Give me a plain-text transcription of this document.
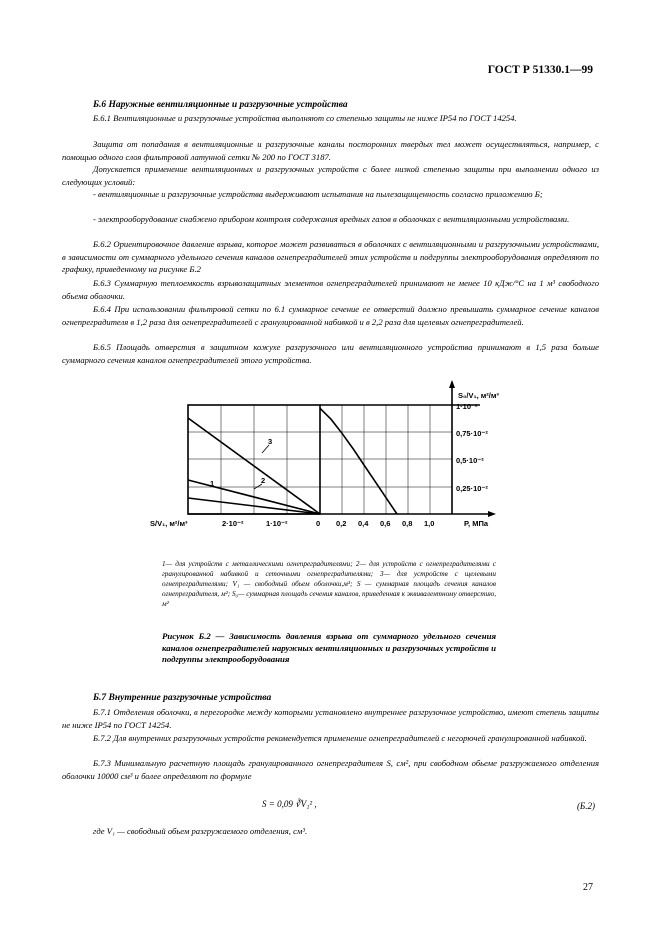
ГОСТ Р 51330.1—99
Б.6 Наружные вентиляционные и разгрузочные устройства
Б.6.1 Вентиляционные и разгрузочные устройства выполняют со степенью защиты не ниже IP54 по ГОСТ 14254.
Защита от попадания в вентиляционные и разгрузочные каналы посторонних твердых тел может осуществляться, например, с помощью одного слоя фильтровой латунной сетки № 200 по ГОСТ 3187.
Допускается применение вентиляционных и разгрузочных устройств с более низкой степенью защиты при выполнении одного из следующих условий:
- вентиляционные и разгрузочные устройства выдерживают испытания на пылезащищенность согласно приложению Б;
- электрооборудование снабжено прибором контроля содержания вредных газов в оболочках с вентиляционными устройствами.
Б.6.2 Ориентировочное давление взрыва, которое может развиваться в оболочках с вентиляционными и разгрузочными устройствами, в зависимости от суммарного удельного сечения каналов огнепреградителей этих устройств и подгруппы электрооборудования определяют по графику, приведенному на рисунке Б.2
Б.6.3 Суммарную теплоемкость взрывозащитных элементов огнепреградителей принимают не менее 10 кДж/°С на 1 м³ свободного обьема оболочки.
Б.6.4 При использовании фильтровой сетки по 6.1 суммарное сечение ее отверстий должно превышать суммарное сечение каналов огнепреградителя в 1,2 раза для огнепреградителей с гранулированной набивкой и в 2,2 раза для щелевых огнепреградителей.
Б.6.5 Площадь отверстия в защитном кожухе разгрузочного или вентиляционного устройства принимают в 1,5 раза больше суммарного сечения каналов огнепреградителей этого устройства.
1	2
3
S₀/V₁, м²/м³
1·10⁻²
0,75·10⁻²
0,5·10⁻²
0,25·10⁻²
S/V₁, м²/м³	2·10⁻²	1·10⁻²	0 0,2 0,4 0,6 0,8 1,0	P, МПа
1— для устройств с металлическими огнепреградителями; 2— для устройств с огнепреградителями с гранулированной набивкой и сеточными огнепреградителями; 3— для устройств с щелевыми огнепреградителями; V₁ — свободный обьем оболочки,м³; S — суммарная площадь сечения каналов огнепреградителя, м²; S₀— суммарная площадь сечения каналов, приведенная к эквивалентному отверстию, м²
Рисунок Б.2 — Зависимость давления взрыва от суммарного удельного сечения каналов огнепреградителей наружных вентиляционных и разгрузочных устройств и подгруппы электрооборудования
Б.7 Внутренние разгрузочные устройства
Б.7.1 Отделения оболочки, в перегородке между которыми установлено внутреннее разгрузочное устройство, имеют степень защиты не ниже IP54 по ГОСТ 14254.
Б.7.2 Для внутренних разгрузочных устройств рекомендуется применение огнепреградителей с негорючей гранулированной набивкой.
Б.7.3 Минимальную расчетную площадь гранулированного огнепреградителя S, см², при свободном обьеме разгружаемого отделения оболочки 10000 см³ и более определяют по формуле
S = 0,09 ∛V₁² ,	(Б.2)
где V₁ — свободный обьем разгружаемого отделения, см³.
27
